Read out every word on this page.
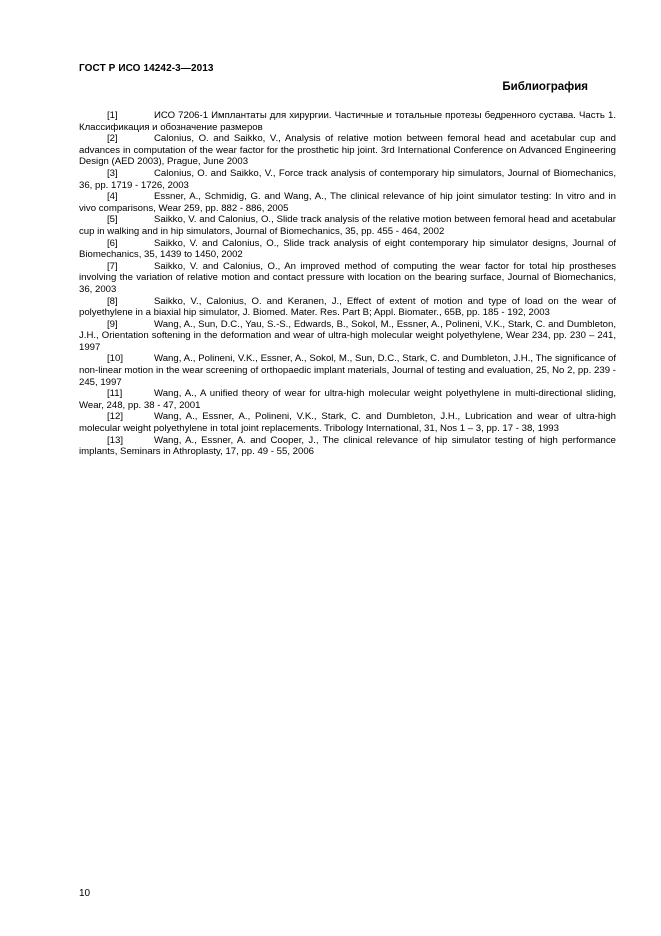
ГОСТ Р ИСО 14242-3—2013
Библиография

[1]	ИСО 7206-1 Имплантаты для хирургии. Частичные и тотальные протезы бедренного сустава. Часть 1. Классификация и обозначение размеров

[2]	Calonius, O. and Saikko, V., Analysis of relative motion between femoral head and acetabular cup and advances in computation of the wear factor for the prosthetic hip joint. 3rd International Conference on Advanced Engineering Design (AED 2003), Prague, June 2003

[3]	Calonius, O. and Saikko, V., Force track analysis of contemporary hip simulators, Journal of Biomechanics, 36, pp. 1719 - 1726, 2003

[4]	Essner, A., Schmidig, G. and Wang, A., The clinical relevance of hip joint simulator testing: In vitro and in vivo comparisons, Wear 259, pp. 882 - 886, 2005

[5]	Saikko, V. and Calonius, O., Slide track analysis of the relative motion between femoral head and acetabular cup in walking and in hip simulators, Journal of Biomechanics, 35, pp. 455 - 464, 2002

[6]	Saikko, V. and Calonius, O., Slide track analysis of eight contemporary hip simulator designs, Journal of Biomechanics, 35, 1439 to 1450, 2002

[7]	Saikko, V. and Calonius, O., An improved method of computing the wear factor for total hip prostheses involving the variation of relative motion and contact pressure with location on the bearing surface, Journal of Biomechanics, 36, 2003

[8]	Saikko, V., Calonius, O. and Keranen, J., Effect of extent of motion and type of load on the wear of polyethylene in a biaxial hip simulator, J. Biomed. Mater. Res. Part B; Appl. Biomater., 65B, pp. 185 - 192, 2003

[9]	Wang, A., Sun, D.C., Yau, S.-S., Edwards, B., Sokol, M., Essner, A., Polineni, V.K., Stark, C. and Dumbleton, J.H., Orientation softening in the deformation and wear of ultra-high molecular weight polyethylene, Wear 234, pp. 230 – 241, 1997

[10]	Wang, A., Polineni, V.K., Essner, A., Sokol, M., Sun, D.C., Stark, C. and Dumbleton, J.H., The significance of non-linear motion in the wear screening of orthopaedic implant materials, Journal of testing and evaluation, 25, No 2, pp. 239 - 245, 1997

[11]	Wang, A., A unified theory of wear for ultra-high molecular weight polyethylene in multi-directional sliding, Wear, 248, pp. 38 - 47, 2001

[12]	Wang, A., Essner, A., Polineni, V.K., Stark, C. and Dumbleton, J.H., Lubrication and wear of ultra-high molecular weight polyethylene in total joint replacements. Tribology International, 31, Nos 1 – 3, pp. 17 - 38, 1993

[13]	Wang, A., Essner, A. and Cooper, J., The clinical relevance of hip simulator testing of high performance implants, Seminars in Athroplasty, 17, pp. 49 - 55, 2006

10
